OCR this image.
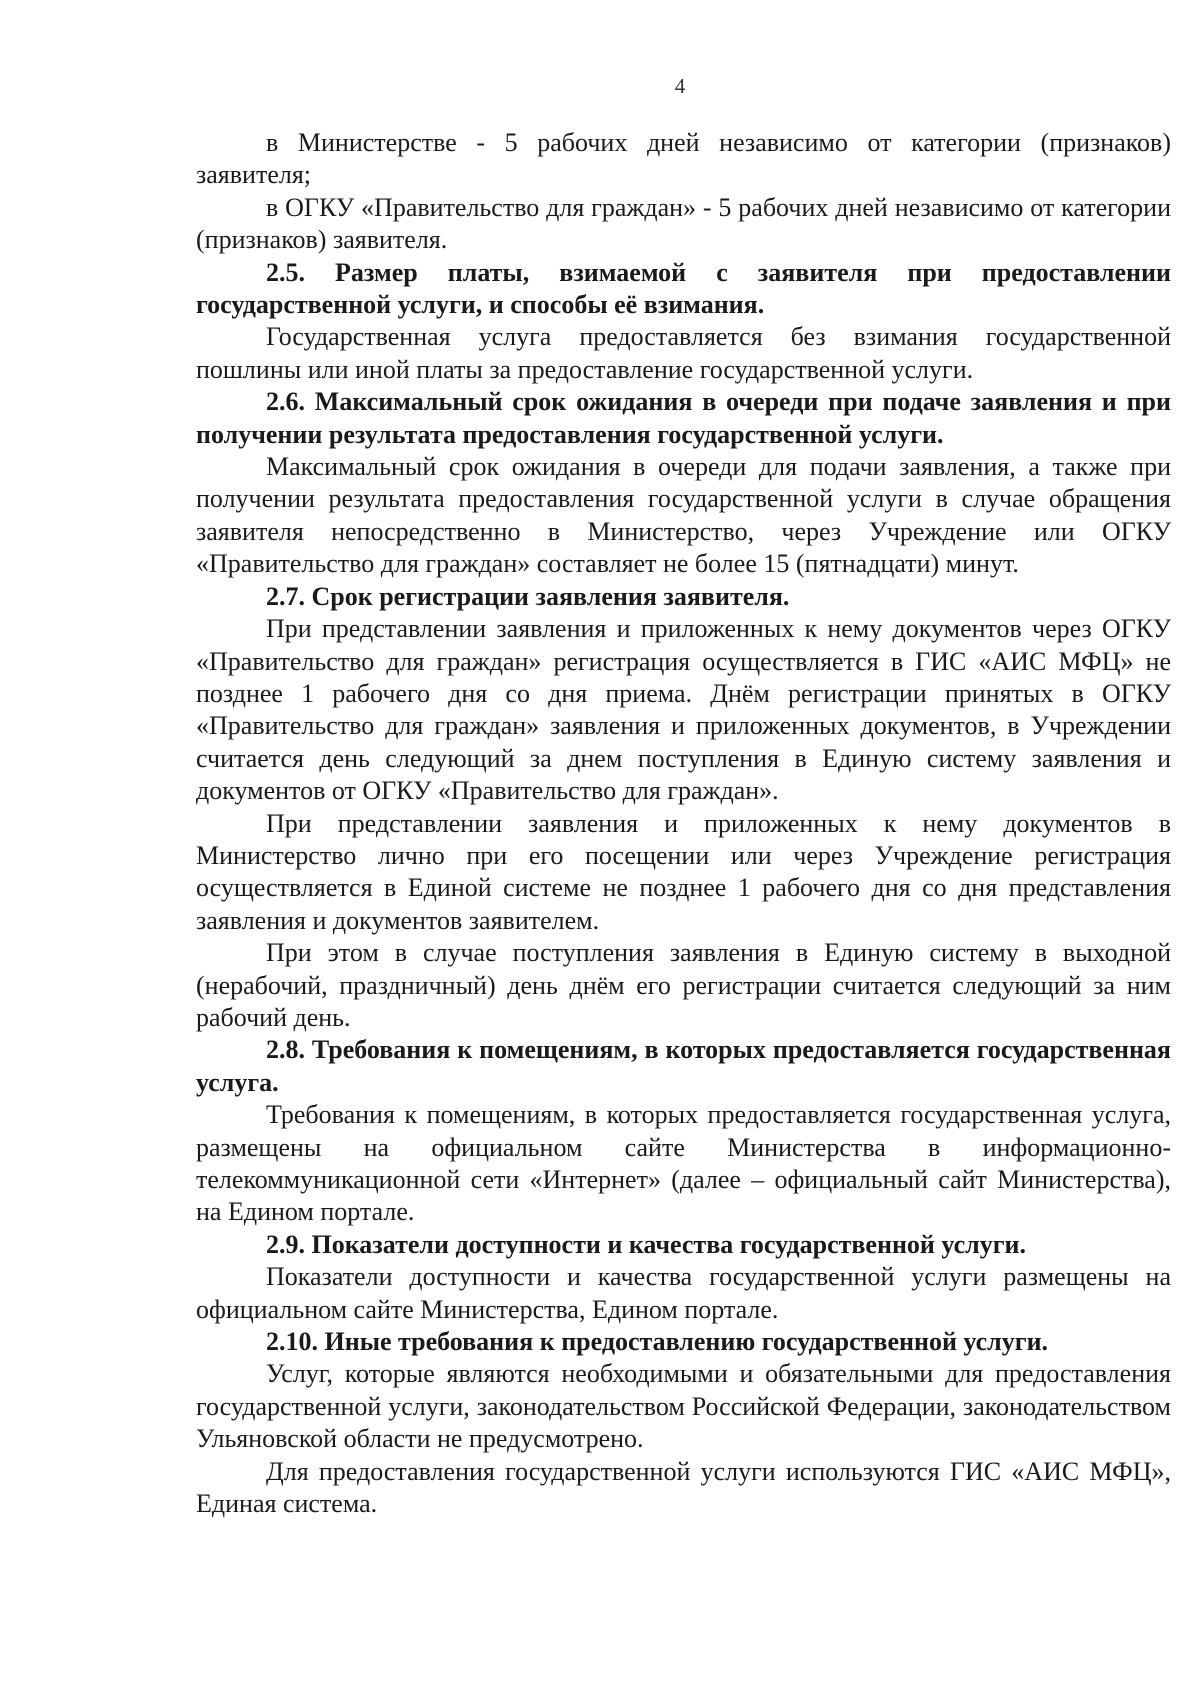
4

в Министерстве - 5 рабочих дней независимо от категории (признаков) заявителя;

в ОГКУ «Правительство для граждан» - 5 рабочих дней независимо от категории (признаков) заявителя.

2.5. Размер платы, взимаемой с заявителя при предоставлении государственной услуги, и способы её взимания.

Государственная услуга предоставляется без взимания государственной пошлины или иной платы за предоставление государственной услуги.

2.6. Максимальный срок ожидания в очереди при подаче заявления и при получении результата предоставления государственной услуги.

Максимальный срок ожидания в очереди для подачи заявления, а также при получении результата предоставления государственной услуги в случае обращения заявителя непосредственно в Министерство, через Учреждение или ОГКУ «Правительство для граждан» составляет не более 15 (пятнадцати) минут.

2.7. Срок регистрации заявления заявителя.

При представлении заявления и приложенных к нему документов через ОГКУ «Правительство для граждан» регистрация осуществляется в ГИС «АИС МФЦ» не позднее 1 рабочего дня со дня приема. Днём регистрации принятых в ОГКУ «Правительство для граждан» заявления и приложенных документов, в Учреждении считается день следующий за днем поступления в Единую систему заявления и документов от ОГКУ «Правительство для граждан».

При представлении заявления и приложенных к нему документов в Министерство лично при его посещении или через Учреждение регистрация осуществляется в Единой системе не позднее 1 рабочего дня со дня представления заявления и документов заявителем.

При этом в случае поступления заявления в Единую систему в выходной (нерабочий, праздничный) день днём его регистрации считается следующий за ним рабочий день.

2.8. Требования к помещениям, в которых предоставляется государственная услуга.

Требования к помещениям, в которых предоставляется государственная услуга, размещены на официальном сайте Министерства в информационно-телекоммуникационной сети «Интернет» (далее – официальный сайт Министерства), на Едином портале.

2.9. Показатели доступности и качества государственной услуги.

Показатели доступности и качества государственной услуги размещены на официальном сайте Министерства, Едином портале.

2.10. Иные требования к предоставлению государственной услуги.

Услуг, которые являются необходимыми и обязательными для предоставления государственной услуги, законодательством Российской Федерации, законодательством Ульяновской области не предусмотрено.

Для предоставления государственной услуги используются ГИС «АИС МФЦ», Единая система.
